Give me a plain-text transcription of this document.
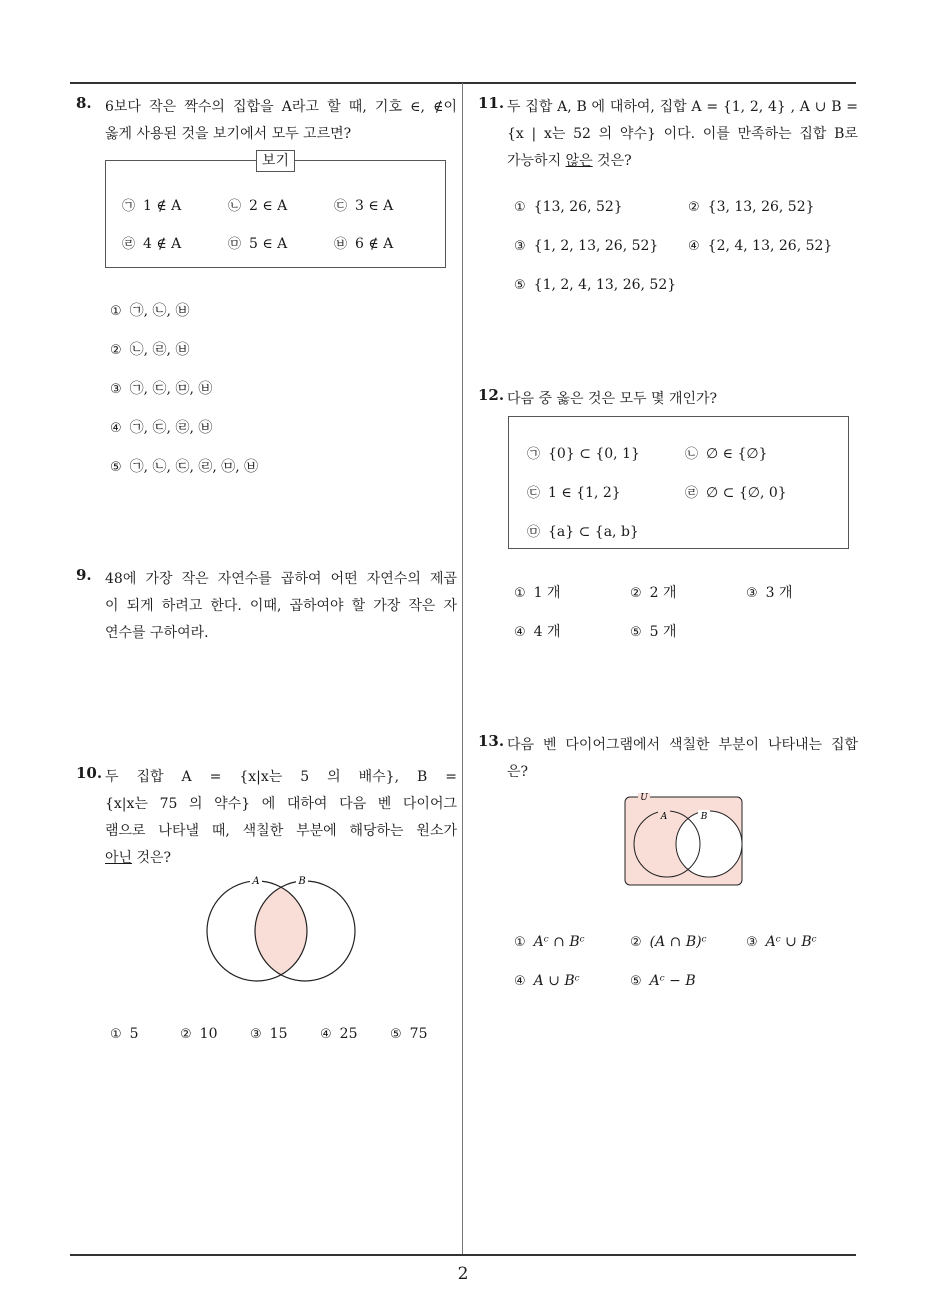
2
8. 6보다 작은 짝수의 집합을 A라고 할 때, 기호 ∈, ∉이
옳게 사용된 것을 보기에서 모두 고르면?
보기
㉠ 1 ∉ A	㉡ 2 ∈ A	㉢ 3 ∈ A
㉣ 4 ∉ A	㉤ 5 ∈ A	㉥ 6 ∉ A
① ㉠, ㉡, ㉥
② ㉡, ㉣, ㉥
③ ㉠, ㉢, ㉤, ㉥
④ ㉠, ㉢, ㉣, ㉥
⑤ ㉠, ㉡, ㉢, ㉣, ㉤, ㉥
9. 48에 가장 작은 자연수를 곱하여 어떤 자연수의 제곱
이 되게 하려고 한다. 이때, 곱하여야 할 가장 작은 자
연수를 구하여라.
10. 두 집합 A = {x|x는 5 의 배수}, B =
{x|x는 75 의 약수} 에 대하여 다음 벤 다이어그
램으로 나타낼 때, 색칠한 부분에 해당하는 원소가
아닌 것은?
A	B
① 5	② 10	③ 15	④ 25	⑤ 75
11. 두 집합 A, B 에 대하여, 집합 A = {1, 2, 4} , A ∪ B =
{x | x는 52 의 약수} 이다. 이를 만족하는 집합 B로
가능하지 않은 것은?
① {13, 26, 52}	② {3, 13, 26, 52}
③ {1, 2, 13, 26, 52} ④ {2, 4, 13, 26, 52}
⑤ {1, 2, 4, 13, 26, 52}
12. 다음 중 옳은 것은 모두 몇 개인가?
㉠ {0} ⊂ {0, 1}	㉡ ∅ ∈ {∅}
㉢ 1 ∈ {1, 2}	㉣ ∅ ⊂ {∅, 0}
㉤ {a} ⊂ {a, b}
① 1 개	② 2 개	③ 3 개
④ 4 개	⑤ 5 개
13. 다음 벤 다이어그램에서 색칠한 부분이 나타내는 집합
은?
U
A	B
① Aᶜ ∩ Bᶜ	② (A ∩ B)ᶜ	③ Aᶜ ∪ Bᶜ
④ A ∪ Bᶜ	⑤ Aᶜ − B
